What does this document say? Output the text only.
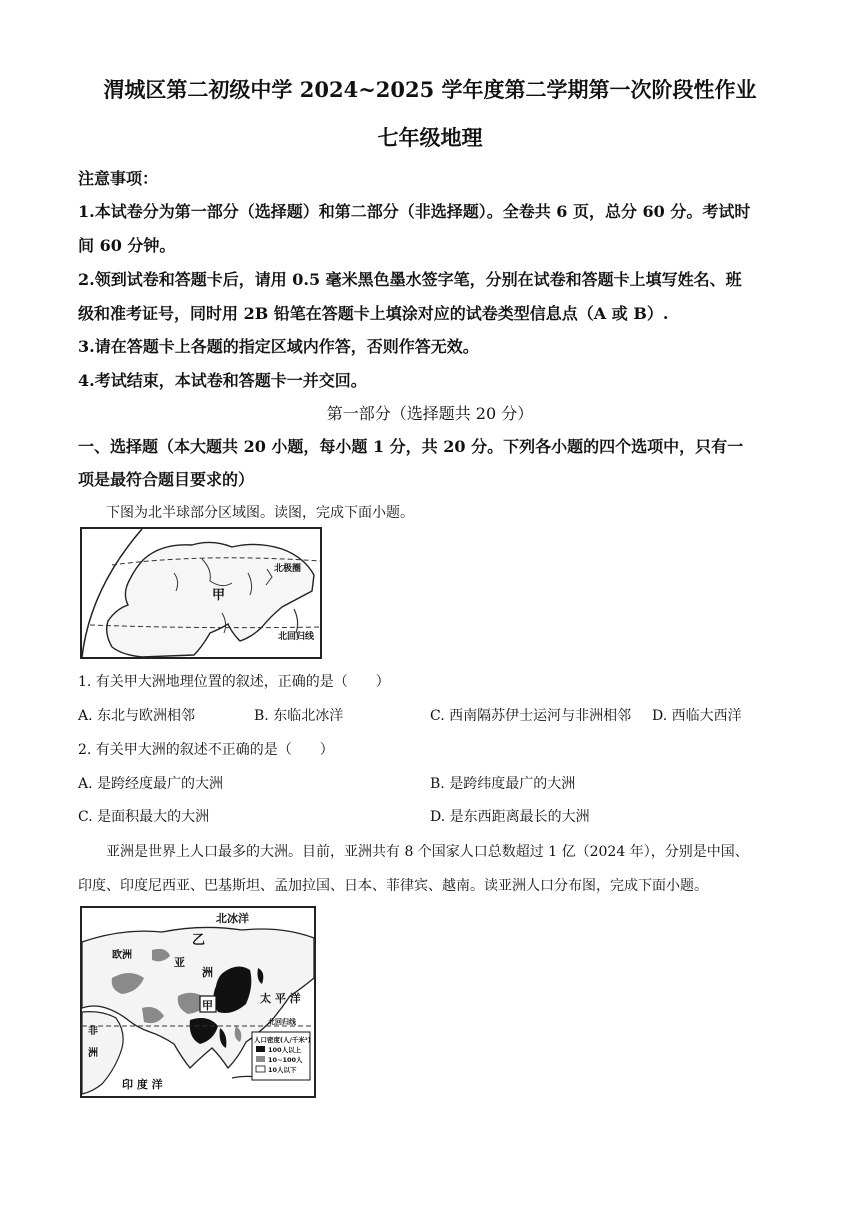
渭城区第二初级中学 2024~2025 学年度第二学期第一次阶段性作业
七年级地理
注意事项：
1.本试卷分为第一部分（选择题）和第二部分（非选择题）。全卷共 6 页，总分 60 分。考试时
间 60 分钟。
2.领到试卷和答题卡后，请用 0.5 毫米黑色墨水签字笔，分别在试卷和答题卡上填写姓名、班
级和准考证号，同时用 2B 铅笔在答题卡上填涂对应的试卷类型信息点（A 或 B）.
3.请在答题卡上各题的指定区域内作答，否则作答无效。
4.考试结束，本试卷和答题卡一并交回。
第一部分（选择题共 20 分）
一、选择题（本大题共 20 小题，每小题 1 分，共 20 分。下列各小题的四个选项中，只有一
项是最符合题目要求的）
下图为北半球部分区域图。读图，完成下面小题。
甲
北极圈
北回归线
1. 有关甲大洲地理位置的叙述，正确的是（　　）
A. 东北与欧洲相邻	B. 东临北冰洋	C. 西南隔苏伊士运河与非洲相邻 D. 西临大西洋
2. 有关甲大洲的叙述不正确的是（　　）
A. 是跨经度最广的大洲	B. 是跨纬度最广的大洲
C. 是面积最大的大洲	D. 是东西距离最长的大洲
亚洲是世界上人口最多的大洲。目前，亚洲共有 8 个国家人口总数超过 1 亿（2024 年），分别是中国、
印度、印度尼西亚、巴基斯坦、孟加拉国、日本、菲律宾、越南。读亚洲人口分布图，完成下面小题。
北冰洋
乙
欧洲
亚
洲
甲
太 平 洋
北回归线
非
洲
印 度 洋
人口密度(人/千米²)
100人以上
10~100人
10人以下
